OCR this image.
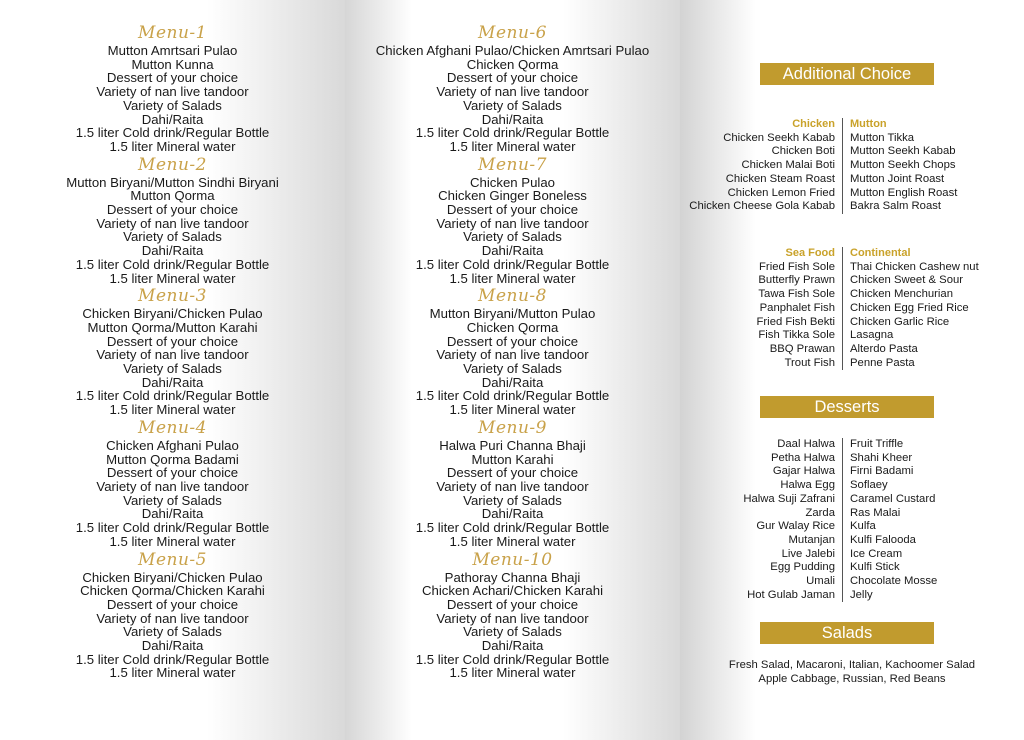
Menu-1
Mutton Amrtsari Pulao
Mutton Kunna
Dessert of your choice
Variety of nan live tandoor
Variety of Salads
Dahi/Raita
1.5 liter Cold drink/Regular Bottle
1.5 liter Mineral water
Menu-2
Mutton Biryani/Mutton Sindhi Biryani
Mutton Qorma
Dessert of your choice
Variety of nan live tandoor
Variety of Salads
Dahi/Raita
1.5 liter Cold drink/Regular Bottle
1.5 liter Mineral water
Menu-3
Chicken Biryani/Chicken Pulao
Mutton Qorma/Mutton Karahi
Dessert of your choice
Variety of nan live tandoor
Variety of Salads
Dahi/Raita
1.5 liter Cold drink/Regular Bottle
1.5 liter Mineral water
Menu-4
Chicken Afghani Pulao
Mutton Qorma Badami
Dessert of your choice
Variety of nan live tandoor
Variety of Salads
Dahi/Raita
1.5 liter Cold drink/Regular Bottle
1.5 liter Mineral water
Menu-5
Chicken Biryani/Chicken Pulao
Chicken Qorma/Chicken Karahi
Dessert of your choice
Variety of nan live tandoor
Variety of Salads
Dahi/Raita
1.5 liter Cold drink/Regular Bottle
1.5 liter Mineral water
Menu-6
Chicken Afghani Pulao/Chicken Amrtsari Pulao
Chicken Qorma
Dessert of your choice
Variety of nan live tandoor
Variety of Salads
Dahi/Raita
1.5 liter Cold drink/Regular Bottle
1.5 liter Mineral water
Menu-7
Chicken Pulao
Chicken Ginger Boneless
Dessert of your choice
Variety of nan live tandoor
Variety of Salads
Dahi/Raita
1.5 liter Cold drink/Regular Bottle
1.5 liter Mineral water
Menu-8
Mutton Biryani/Mutton Pulao
Chicken Qorma
Dessert of your choice
Variety of nan live tandoor
Variety of Salads
Dahi/Raita
1.5 liter Cold drink/Regular Bottle
1.5 liter Mineral water
Menu-9
Halwa Puri Channa Bhaji
Mutton Karahi
Dessert of your choice
Variety of nan live tandoor
Variety of Salads
Dahi/Raita
1.5 liter Cold drink/Regular Bottle
1.5 liter Mineral water
Menu-10
Pathoray Channa Bhaji
Chicken Achari/Chicken Karahi
Dessert of your choice
Variety of nan live tandoor
Variety of Salads
Dahi/Raita
1.5 liter Cold drink/Regular Bottle
1.5 liter Mineral water
Additional Choice
Chicken
Chicken Seekh Kabab
Chicken Boti
Chicken Malai Boti
Chicken Steam Roast
Chicken Lemon Fried
Chicken Cheese Gola Kabab
Mutton
Mutton Tikka
Mutton Seekh Kabab
Mutton Seekh Chops
Mutton Joint Roast
Mutton English Roast
Bakra Salm Roast
Sea Food
Fried Fish Sole
Butterfly Prawn
Tawa Fish Sole
Panphalet Fish
Fried Fish Bekti
Fish Tikka Sole
BBQ Prawan
Trout Fish
Continental
Thai Chicken Cashew nut
Chicken Sweet & Sour
Chicken Menchurian
Chicken Egg Fried Rice
Chicken Garlic Rice
Lasagna
Alterdo Pasta
Penne Pasta
Desserts
Daal Halwa
Petha Halwa
Gajar Halwa
Halwa Egg
Halwa Suji Zafrani
Zarda
Gur Walay Rice
Mutanjan
Live Jalebi
Egg Pudding
Umali
Hot Gulab Jaman
Fruit Triffle
Shahi Kheer
Firni Badami
Soflaey
Caramel Custard
Ras Malai
Kulfa
Kulfi Falooda
Ice Cream
Kulfi Stick
Chocolate Mosse
Jelly
Salads
Fresh Salad, Macaroni, Italian, Kachoomer Salad
Apple Cabbage, Russian, Red Beans
